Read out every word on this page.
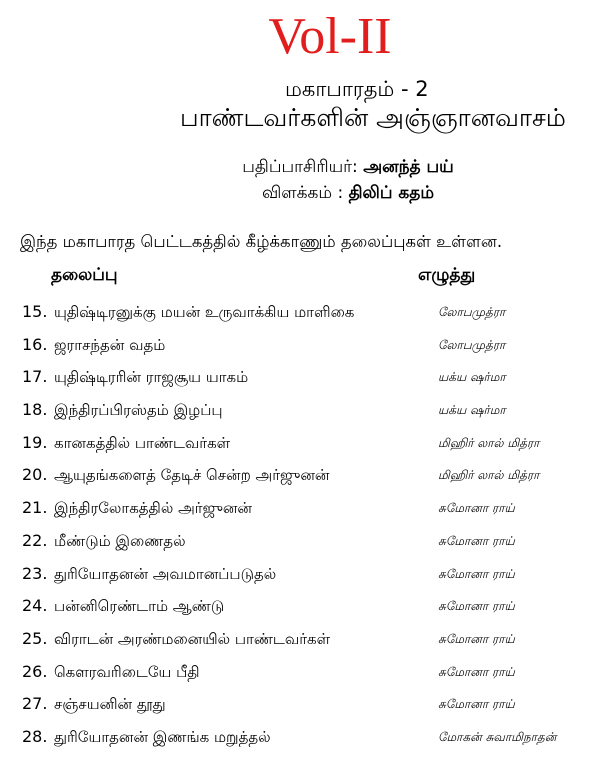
Vol-II
மகாபாரதம் - 2
பாண்டவர்களின் அஞ்ஞானவாசம்
பதிப்பாசிரியர்: அனந்த் பய்
விளக்கம் : திலிப் கதம்
இந்த மகாபாரத பெட்டகத்தில் கீழ்க்காணும் தலைப்புகள் உள்ளன.
தலைப்பு	எழுத்து
15. யுதிஷ்டிரனுக்கு மயன் உருவாக்கிய மாளிகை	லோபமுத்ரா
16. ஜராசந்தன் வதம்	லோபமுத்ரா
17. யுதிஷ்டிரரின் ராஜசூய யாகம்	யக்ய ஷர்மா
18. இந்திரப்பிரஸ்தம் இழப்பு	யக்ய ஷர்மா
19. கானகத்தில் பாண்டவர்கள்	மிஹிர் லால் மித்ரா
20. ஆயுதங்களைத் தேடிச் சென்ற அர்ஜுனன்	மிஹிர் லால் மித்ரா
21. இந்திரலோகத்தில் அர்ஜுனன்	சுமோனா ராய்
22. மீண்டும் இணைதல்	சுமோனா ராய்
23. துரியோதனன் அவமானப்படுதல்	சுமோனா ராய்
24. பன்னிரெண்டாம் ஆண்டு	சுமோனா ராய்
25. விராடன் அரண்மனையில் பாண்டவர்கள்	சுமோனா ராய்
26. கௌரவரிடையே பீதி	சுமோனா ராய்
27. சஞ்சயனின் தூது	சுமோனா ராய்
28. துரியோதனன் இணங்க மறுத்தல்	மோகன் சுவாமிநாதன்
